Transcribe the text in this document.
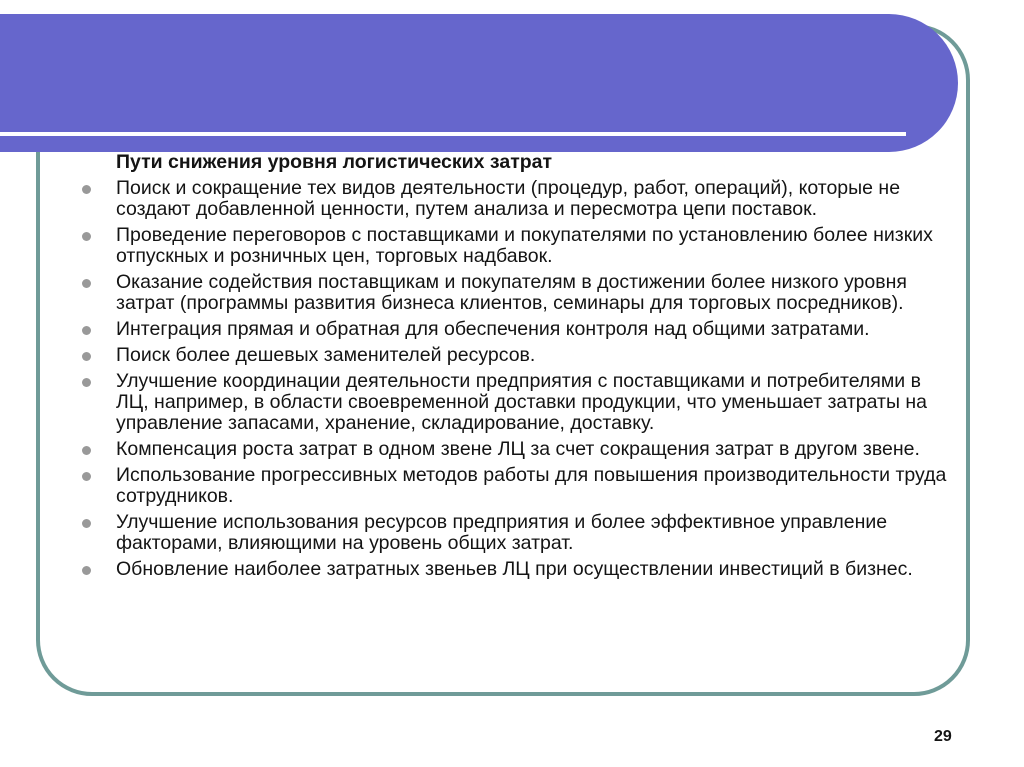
Пути снижения уровня логистических затрат
Поиск и сокращение тех видов деятельности (процедур, работ, операций), которые не создают добавленной ценности, путем анализа и пересмотра цепи поставок.
Проведение переговоров с поставщиками и покупателями по установлению более низких отпускных и розничных цен, торговых надбавок.
Оказание содействия поставщикам и покупателям в достижении более низкого уровня затрат (программы развития бизнеса клиентов, семинары для торговых посредников).
Интеграция прямая и обратная для обеспечения контроля над общими затратами.
Поиск более дешевых заменителей ресурсов.
Улучшение координации деятельности предприятия с поставщиками и потребителями в ЛЦ, например, в области своевременной доставки продукции, что уменьшает затраты на управление запасами, хранение, складирование, доставку.
Компенсация роста затрат в одном звене ЛЦ за счет сокращения затрат в другом звене.
Использование прогрессивных методов работы для повышения производительности труда сотрудников.
Улучшение использования ресурсов предприятия и более эффективное управление факторами, влияющими на уровень общих затрат.
Обновление наиболее затратных звеньев ЛЦ при осуществлении инвестиций в бизнес.
29
